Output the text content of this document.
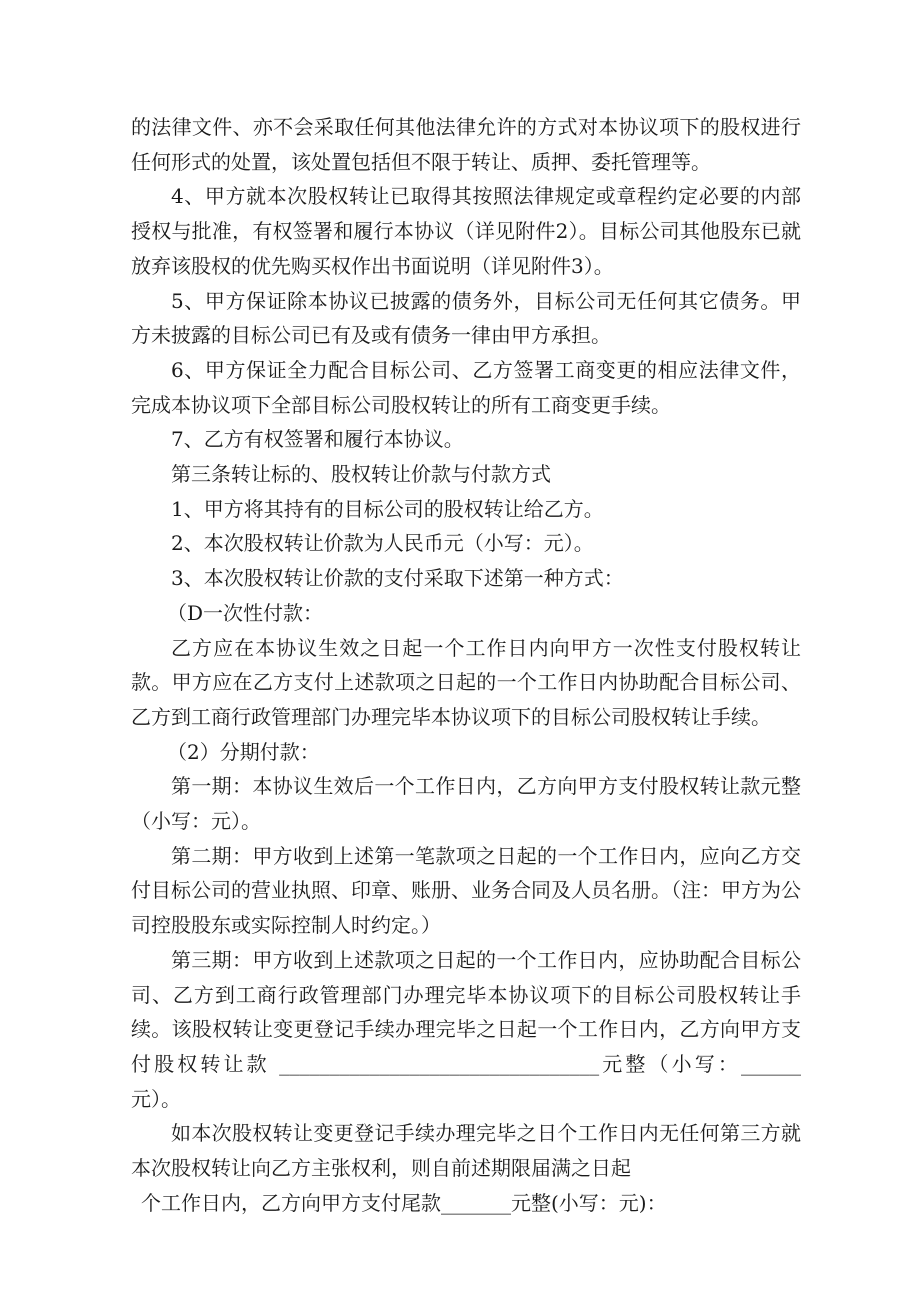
的法律文件、亦不会采取任何其他法律允许的方式对本协议项下的股权进行任何形式的处置，该处置包括但不限于转让、质押、委托管理等。

4、甲方就本次股权转让已取得其按照法律规定或章程约定必要的内部授权与批准，有权签署和履行本协议（详见附件2）。目标公司其他股东已就放弃该股权的优先购买权作出书面说明（详见附件3）。

5、甲方保证除本协议已披露的债务外，目标公司无任何其它债务。甲方未披露的目标公司已有及或有债务一律由甲方承担。

6、甲方保证全力配合目标公司、乙方签署工商变更的相应法律文件，完成本协议项下全部目标公司股权转让的所有工商变更手续。

7、乙方有权签署和履行本协议。

第三条转让标的、股权转让价款与付款方式

1、甲方将其持有的目标公司的股权转让给乙方。

2、本次股权转让价款为人民币元（小写：元）。

3、本次股权转让价款的支付采取下述第一种方式：

（D一次性付款：

乙方应在本协议生效之日起一个工作日内向甲方一次性支付股权转让款。甲方应在乙方支付上述款项之日起的一个工作日内协助配合目标公司、乙方到工商行政管理部门办理完毕本协议项下的目标公司股权转让手续。

（2）分期付款：

第一期：本协议生效后一个工作日内，乙方向甲方支付股权转让款元整（小写：元）。

第二期：甲方收到上述第一笔款项之日起的一个工作日内，应向乙方交付目标公司的营业执照、印章、账册、业务合同及人员名册。（注：甲方为公司控股股东或实际控制人时约定。）

第三期：甲方收到上述款项之日起的一个工作日内，应协助配合目标公司、乙方到工商行政管理部门办理完毕本协议项下的目标公司股权转让手续。该股权转让变更登记手续办理完毕之日起一个工作日内，乙方向甲方支付股权转让款 ________________________________元整（小写：______元）。

如本次股权转让变更登记手续办理完毕之日个工作日内无任何第三方就本次股权转让向乙方主张权利，则自前述期限届满之日起

个工作日内，乙方向甲方支付尾款_______元整(小写：元)：
